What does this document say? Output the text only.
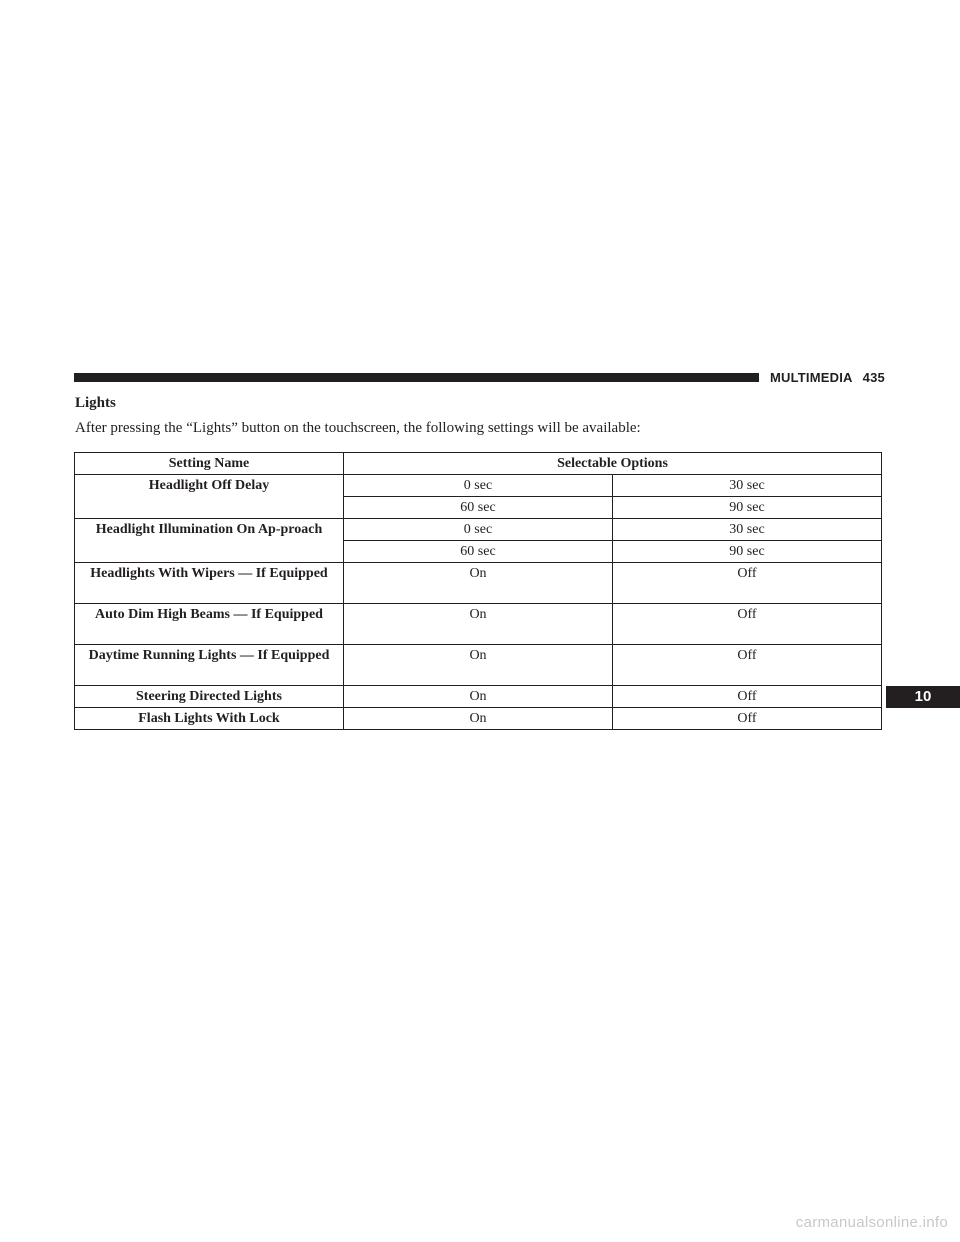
MULTIMEDIA 435
Lights
After pressing the “Lights” button on the touchscreen, the following settings will be available:
Setting Name	Selectable Options	
Headlight Off Delay	0 sec	30 sec
	60 sec	90 sec
Headlight Illumination On Ap-proach	0 sec	30 sec
	60 sec	90 sec
Headlights With Wipers — If Equipped	On	Off
Auto Dim High Beams — If Equipped	On	Off
Daytime Running Lights — If Equipped	On	Off
Steering Directed Lights	On	Off
Flash Lights With Lock	On	Off
10
carmanualsonline.info
